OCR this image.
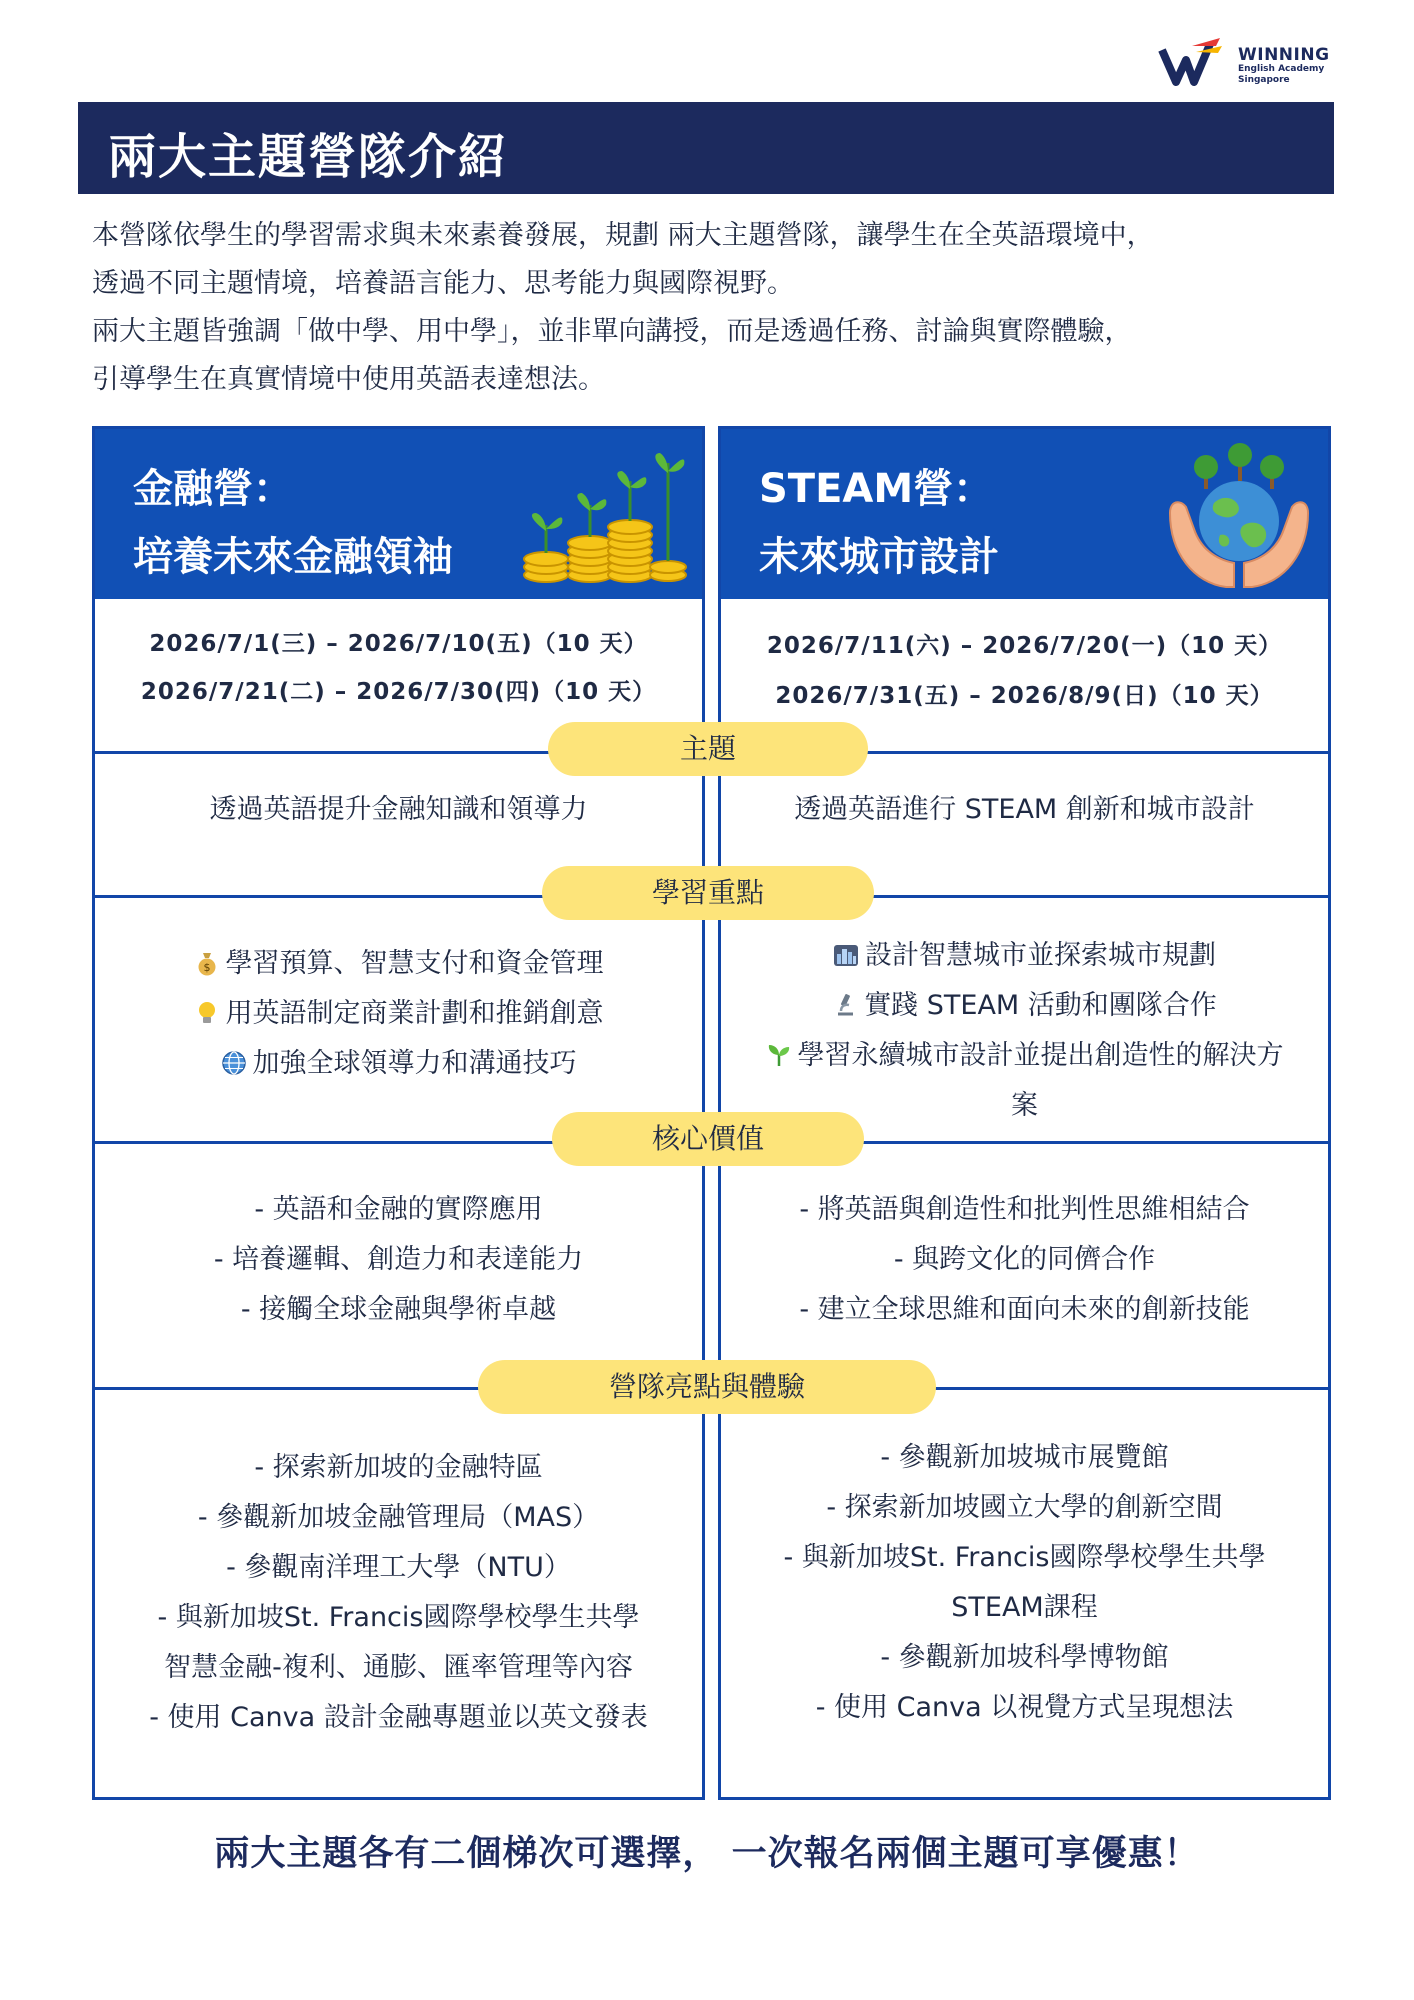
WINNING
English Academy
Singapore
兩大主題營隊介紹

本營隊依學生的學習需求與未來素養發展，規劃 兩大主題營隊，讓學生在全英語環境中，

透過不同主題情境，培養語言能力、思考能力與國際視野。

兩大主題皆強調「做中學、用中學」，並非單向講授，而是透過任務、討論與實際體驗，

引導學生在真實情境中使用英語表達想法。

金融營：
培養未來金融領袖
2026/7/1(三) – 2026/7/10(五)（10 天）
2026/7/21(二) – 2026/7/30(四)（10 天）
透過英語提升金融知識和領導力
$ 學習預算、智慧支付和資金管理
用英語制定商業計劃和推銷創意
加強全球領導力和溝通技巧
- 英語和金融的實際應用
- 培養邏輯、創造力和表達能力
- 接觸全球金融與學術卓越
- 探索新加坡的金融特區
- 參觀新加坡金融管理局（MAS）
- 參觀南洋理工大學（NTU）
- 與新加坡St. Francis國際學校學生共學
智慧金融-複利、通膨、匯率管理等內容
- 使用 Canva 設計金融專題並以英文發表
STEAM營：
未來城市設計
2026/7/11(六) – 2026/7/20(一)（10 天）
2026/7/31(五) – 2026/8/9(日)（10 天）
透過英語進行 STEAM 創新和城市設計
設計智慧城市並探索城市規劃
實踐 STEAM 活動和團隊合作
學習永續城市設計並提出創造性的解決方案
- 將英語與創造性和批判性思維相結合
- 與跨文化的同儕合作
- 建立全球思維和面向未來的創新技能
- 參觀新加坡城市展覽館
- 探索新加坡國立大學的創新空間
- 與新加坡St. Francis國際學校學生共學
STEAM課程
- 參觀新加坡科學博物館
- 使用 Canva 以視覺方式呈現想法
主題
學習重點
核心價值
營隊亮點與體驗
兩大主題各有二個梯次可選擇， 一次報名兩個主題可享優惠！
